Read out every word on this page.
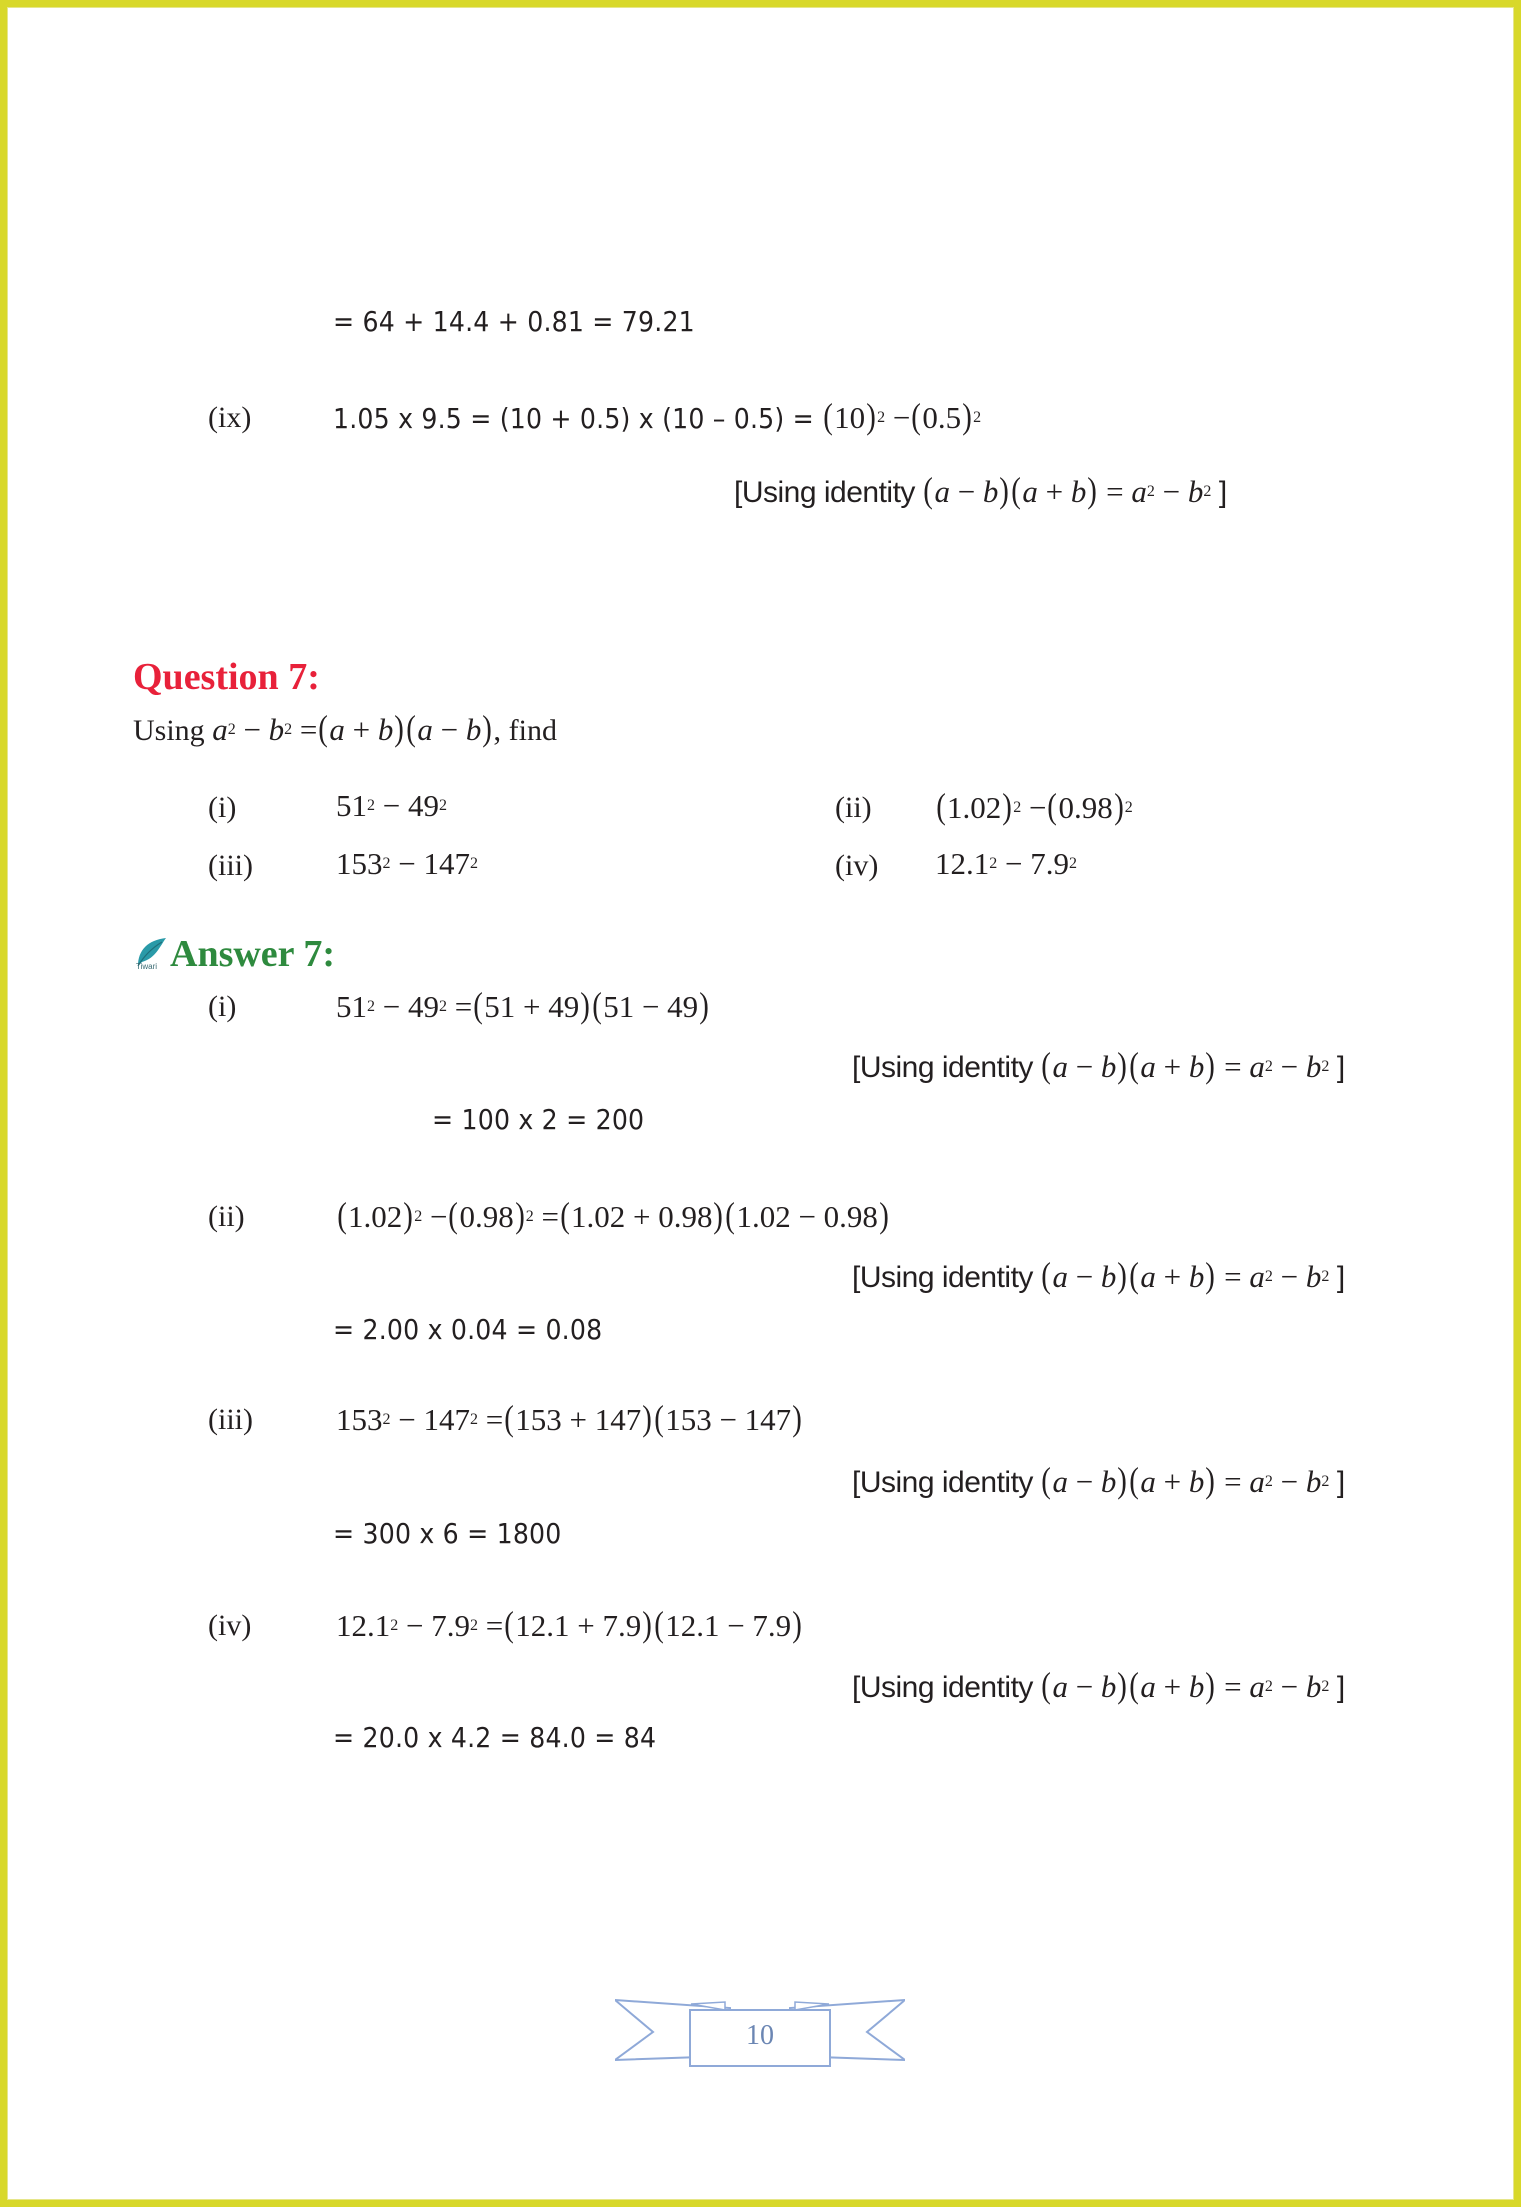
= 64 + 14.4 + 0.81 = 79.21
(ix)	1.05 x 9.5 = (10 + 0.5) x $(10 - 0.5) = (10)^2 -(0.5)^2$
[Using identity $(a - b)(a + b) = a^2 - b^2$ ]
Question 7:
Using $a^2 - b^2 =(a + b)(a - b)$, find
(i)	$51^2 - 49^2$	(ii) $(1.02)^2 -(0.98)^2$
(iii)	$153^2 - 147^2$	(iv) $12.1^2 - 7.9^2$
Tiwari Answer 7:
(i)	$51^2 - 49^2 =(51 + 49)(51 - 49)$
[Using identity $(a - b)(a + b) = a^2 - b^2$ ]
= 100 x 2 = 200
(ii)	$(1.02)^2 -(0.98)^2 =(1.02 + 0.98)(1.02 - 0.98)$
[Using identity $(a - b)(a + b) = a^2 - b^2$ ]
= 2.00 x 0.04 = 0.08
(iii)	$153^2 - 147^2 =(153 + 147)(153 - 147)$
[Using identity $(a - b)(a + b) = a^2 - b^2$ ]
= 300 x 6 = 1800
(iv)	$12.1^2 - 7.9^2 =(12.1 + 7.9)(12.1 - 7.9)$
[Using identity $(a - b)(a + b) = a^2 - b^2$ ]
= 20.0 x 4.2 = 84.0 = 84
10
